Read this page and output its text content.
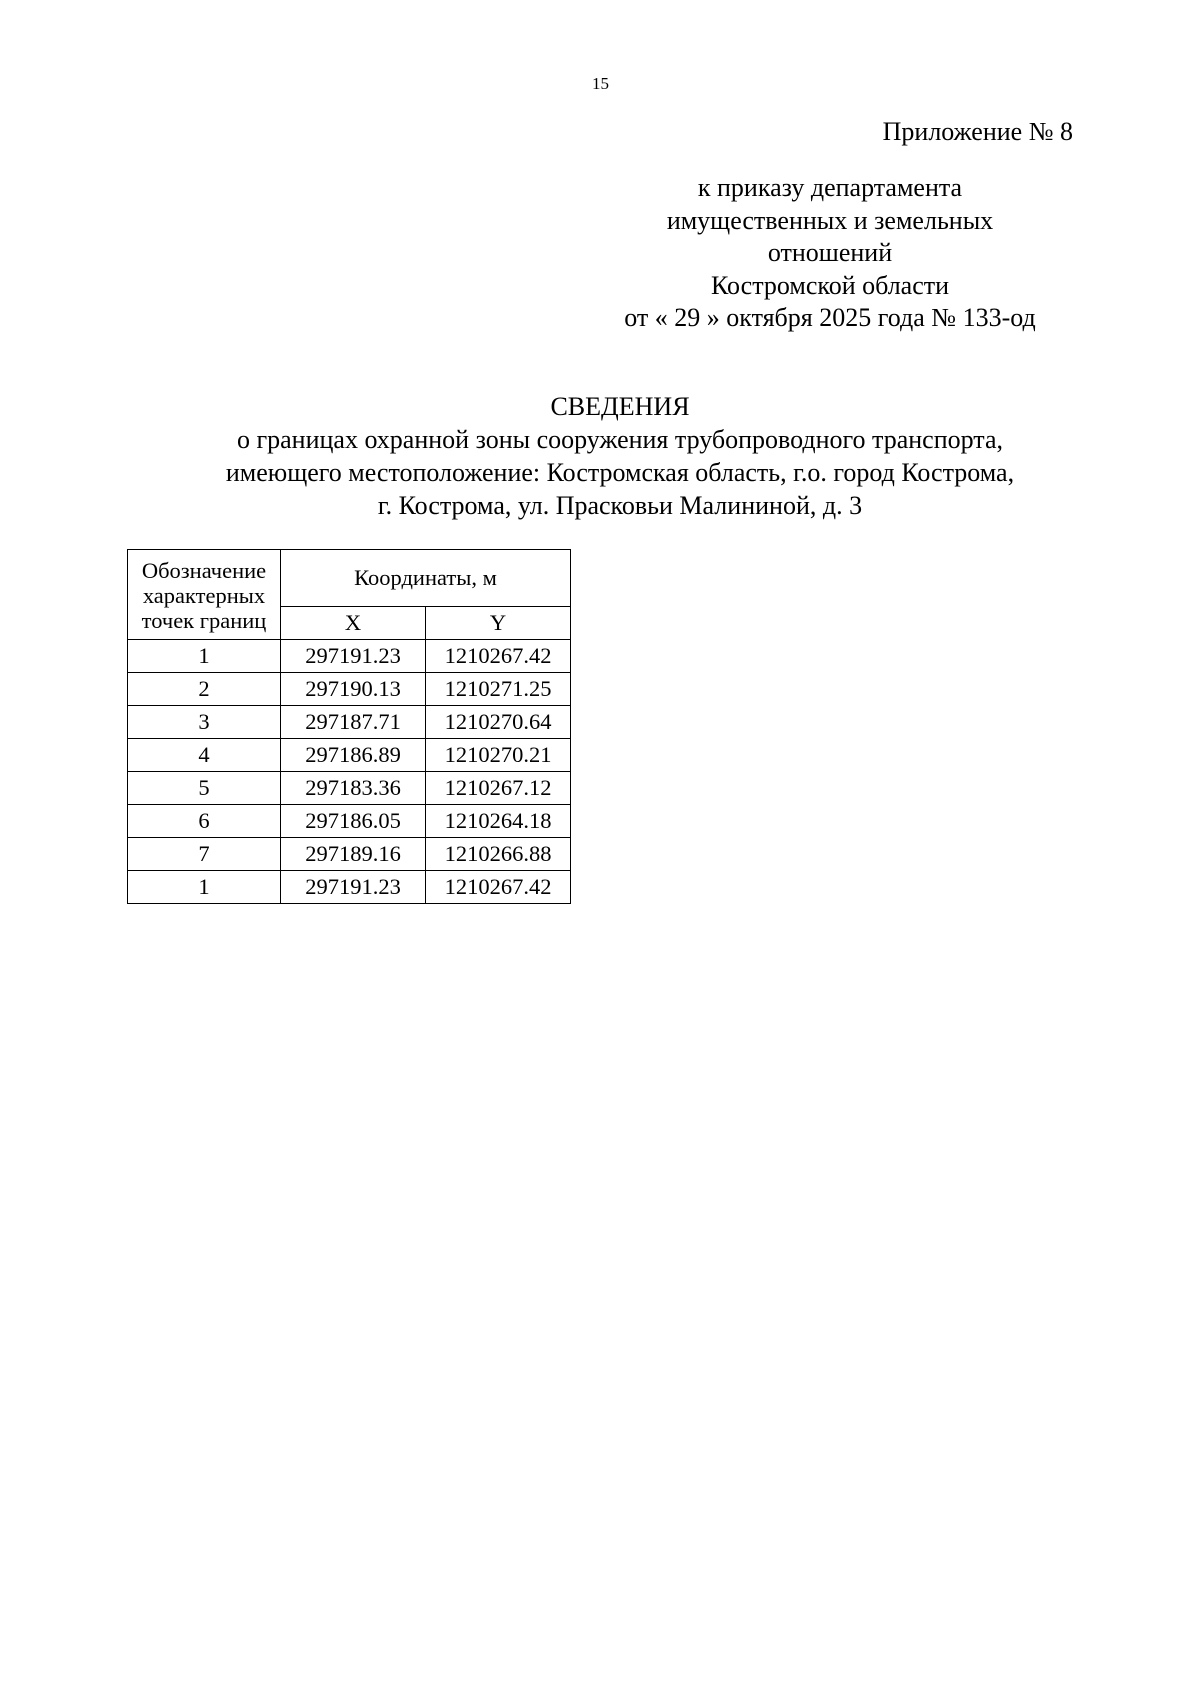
15
Приложение № 8
к приказу департамента
имущественных и земельных
отношений
Костромской области
от « 29 » октября 2025 года № 133-од
СВЕДЕНИЯ
о границах охранной зоны сооружения трубопроводного транспорта,
имеющего местоположение: Костромская область, г.о. город Кострома,
г. Кострома, ул. Прасковьи Малининой, д. 3
Обозначение
характерных
точек границ	Координаты, м	
	X	Y
1	297191.23	1210267.42
2	297190.13	1210271.25
3	297187.71	1210270.64
4	297186.89	1210270.21
5	297183.36	1210267.12
6	297186.05	1210264.18
7	297189.16	1210266.88
1	297191.23	1210267.42
